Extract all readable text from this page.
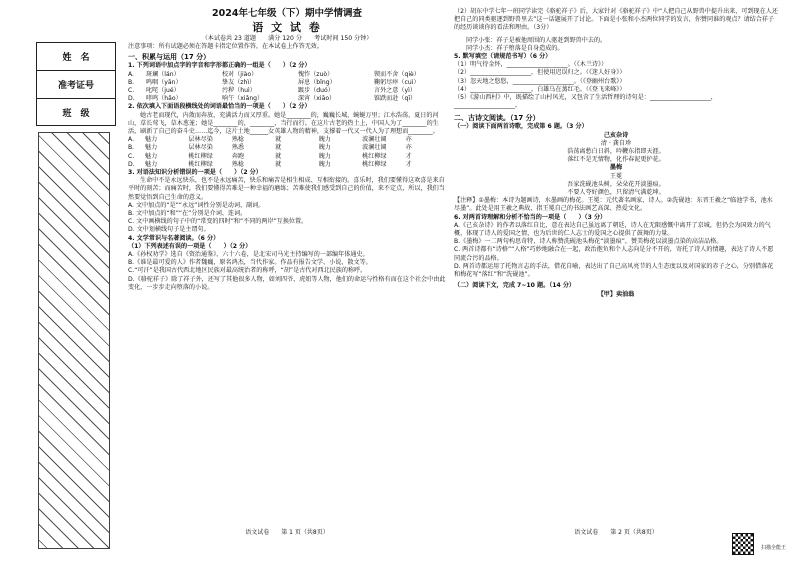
姓　名
准考证号
班　级
2024年七年级（下）期中学情调查
语 文 试 卷

（本试卷共 23 道题　　满分 120 分　　考试时间 150 分钟）

注意事项：所有试题必须在答题卡指定位置作答，在本试卷上作答无效。

一、积累与运用（17 分）

1. 下列词语中加点字的字音和字形都正确的一组是（　　）（2 分）

A.	斑斓（lán）	校对（jiào）	愧怍（zuò）	锲而不舍（qiè）
B.	鸣咽（yān）	挚友（zhì）	屏息（bǐng）	鞠躬尽瘁（cuì）
C.	叱咤（jué）	污秽（huì）	踱步（duó）	言外之意（yì）
D.	哮鸣（hǎo）	响午（xiǎng）	深宵（xiāo）	锥跌而赴（qī）

2. 依次填入下面语段横线处的词语最恰当的一项是（　　）（2 分）

她古老而现代，内敛而奔放，充满活力而又厚重。她是________的，巍巍长城，蜿蜒万里；江水浩荡，夏日的河山，草长莺飞，草木葱茏；她是________的，________，当行而行。在这片古老的热土上，中国人为了________的生活，刷新了自己的奋斗史……迄今，这片土地______女英雄人物的精神，支撑着一代又一代人为了理想而________。

A.	魅力	层林尽染	熟稔	就	魄力	波澜壮阔	亦
B.	魅力	层林尽染	熟悉	就	魄力	波澜壮阔	亦
C.	魅力	桃红柳绿	奔跑	就	魄力	桃红柳绿	才
D.	魅力	桃红柳绿	熟稔	就	魄力	桃红柳绿	才

3. 对语法知识分析错误的一项是（　　）（2 分）

生命中不是永远快乐，也不是永远痛苦，快乐和痛苦是相生相成、互相衔接的。喜乐时，我们要懂得这欢喜是来自平时的刻苦；而痛苦时，我们要懂得苦难是一种幸福的磨练；苦难使我们感受到自己的价值，来不定点，所以，我们当然要觉悟到自己生命的意义。

A. 文中加点的“是”“永远”词性分别是动词、副词。

B. 文中加点的“和”“在”分别是介词、连词。

C. 文中画横线的句子中的“常变的四时”和“不同的两岸”互换位置。

D. 文中划横线句子是主谓句。

4. 文学常识与名著阅读。（6 分）

（1）下列表述有误的一项是（　　）（2 分）

A.《孙权劝学》选自《资治通鉴》，六十六卷，是北宋司马光主持编写的一部编年体通史。

B.《谁是最可爱的人》作者魏巍，原名鸿杰，当代作家。作品有报告文学、小说、散文等。

C.“可汗”是我国古代西北地区民族对最高统治者的称呼，“胡”是古代对西北民族的称呼。

D.《骆驼祥子》除了祥子外，还写了其他很多人物，如刘四爷、虎妞等人物，他们的命运与性格有而在这个社会中由此变化，一步步走向堕落的小说。

语文试卷　　第 1 页（共8页）

（2）胡东中学七年一班同学读完《骆驼祥子》后，大家针对《骆驼祥子》中“人把自己从野兽中提升出来，可到现在人还把自己的同类驱逐到野兽里去”这一话题展开了讨论。下面是小张和小杰两位同学的发言，你赞同谁的观点？请结合祥子的经历谈谈你的看法和理由。（3分）

同学小张：祥子是被他周围的人驱赶到野兽中去的。

同学小杰：祥子堕落是自身造成的。

5. 默写填空（请规范书写）（6 分）

（1）明气待金怀，____________________。（《木兰诗》）

（2）____________________，但使用迟误归之。（《迷人好身》）

（3）忽天地之悠悠，____________________。（《登幽州台歌》）

（4）____________________，白雄乌在蒸红毛。（《登飞来峰》）

（5）《游山西村》中，既描绘了山村风光，又包含了生活哲理的诗句是：____________________，____________________。

二、古诗文阅读。（17 分）

（一）阅读下面两首诗歌，完成第 6 题。（3 分）

己亥杂诗

清 · 龚自珍

浩荡离愁白日斜，吟鞭东指即天涯。

落红不是无情物，化作春泥更护花。

墨梅

王冕

吾家洗砚池头树，朵朵花开淡墨痕。

不要人夸好颜色，只留清气满乾坤。

【注释】①墨梅：本诗为题画诗，水墨画的梅花。王冕：元代著名画家、诗人。②洗砚池：东晋王羲之“临池学书，池水尽墨”。此处是用王羲之典故，指王冕自己的书法画艺高深、热爱文化。

6. 对两首诗理解和分析不恰当的一项是（　　）（3 分）

A.《己亥杂诗》的作者以落红自比，意在表达自己虽远离了朝廷，诗人在无限感慨中离开了京城，但仍会为国效力的气概，体现了诗人的爱国之情，也为后世的仁人志士的爱国之心提供了鼓舞的力量。

B.《墨梅》一二两句构思奇特，诗人称赞洗砚池头梅花“淡墨痕”，赞美梅花以淡墨点染的高洁品格。

C. 两首诗都有“诗格”“人格”巧妙地融合在一起，政治抱负和个人志向是分不开的，寄托了诗人的情趣，表达了诗人不愿同流合污的品格。

D. 两首诗都运用了托物言志的手法，借花自喻，表达出了自己高风亮节的人生态度以及对国家的赤子之心，分别借落花和梅花写“落红”和“洗砚池”。

（二）阅读下文，完成 7~10 题。（14 分）

【甲】卖油翁

语文试卷　　第 2 页（共8页）
扫描全能王
